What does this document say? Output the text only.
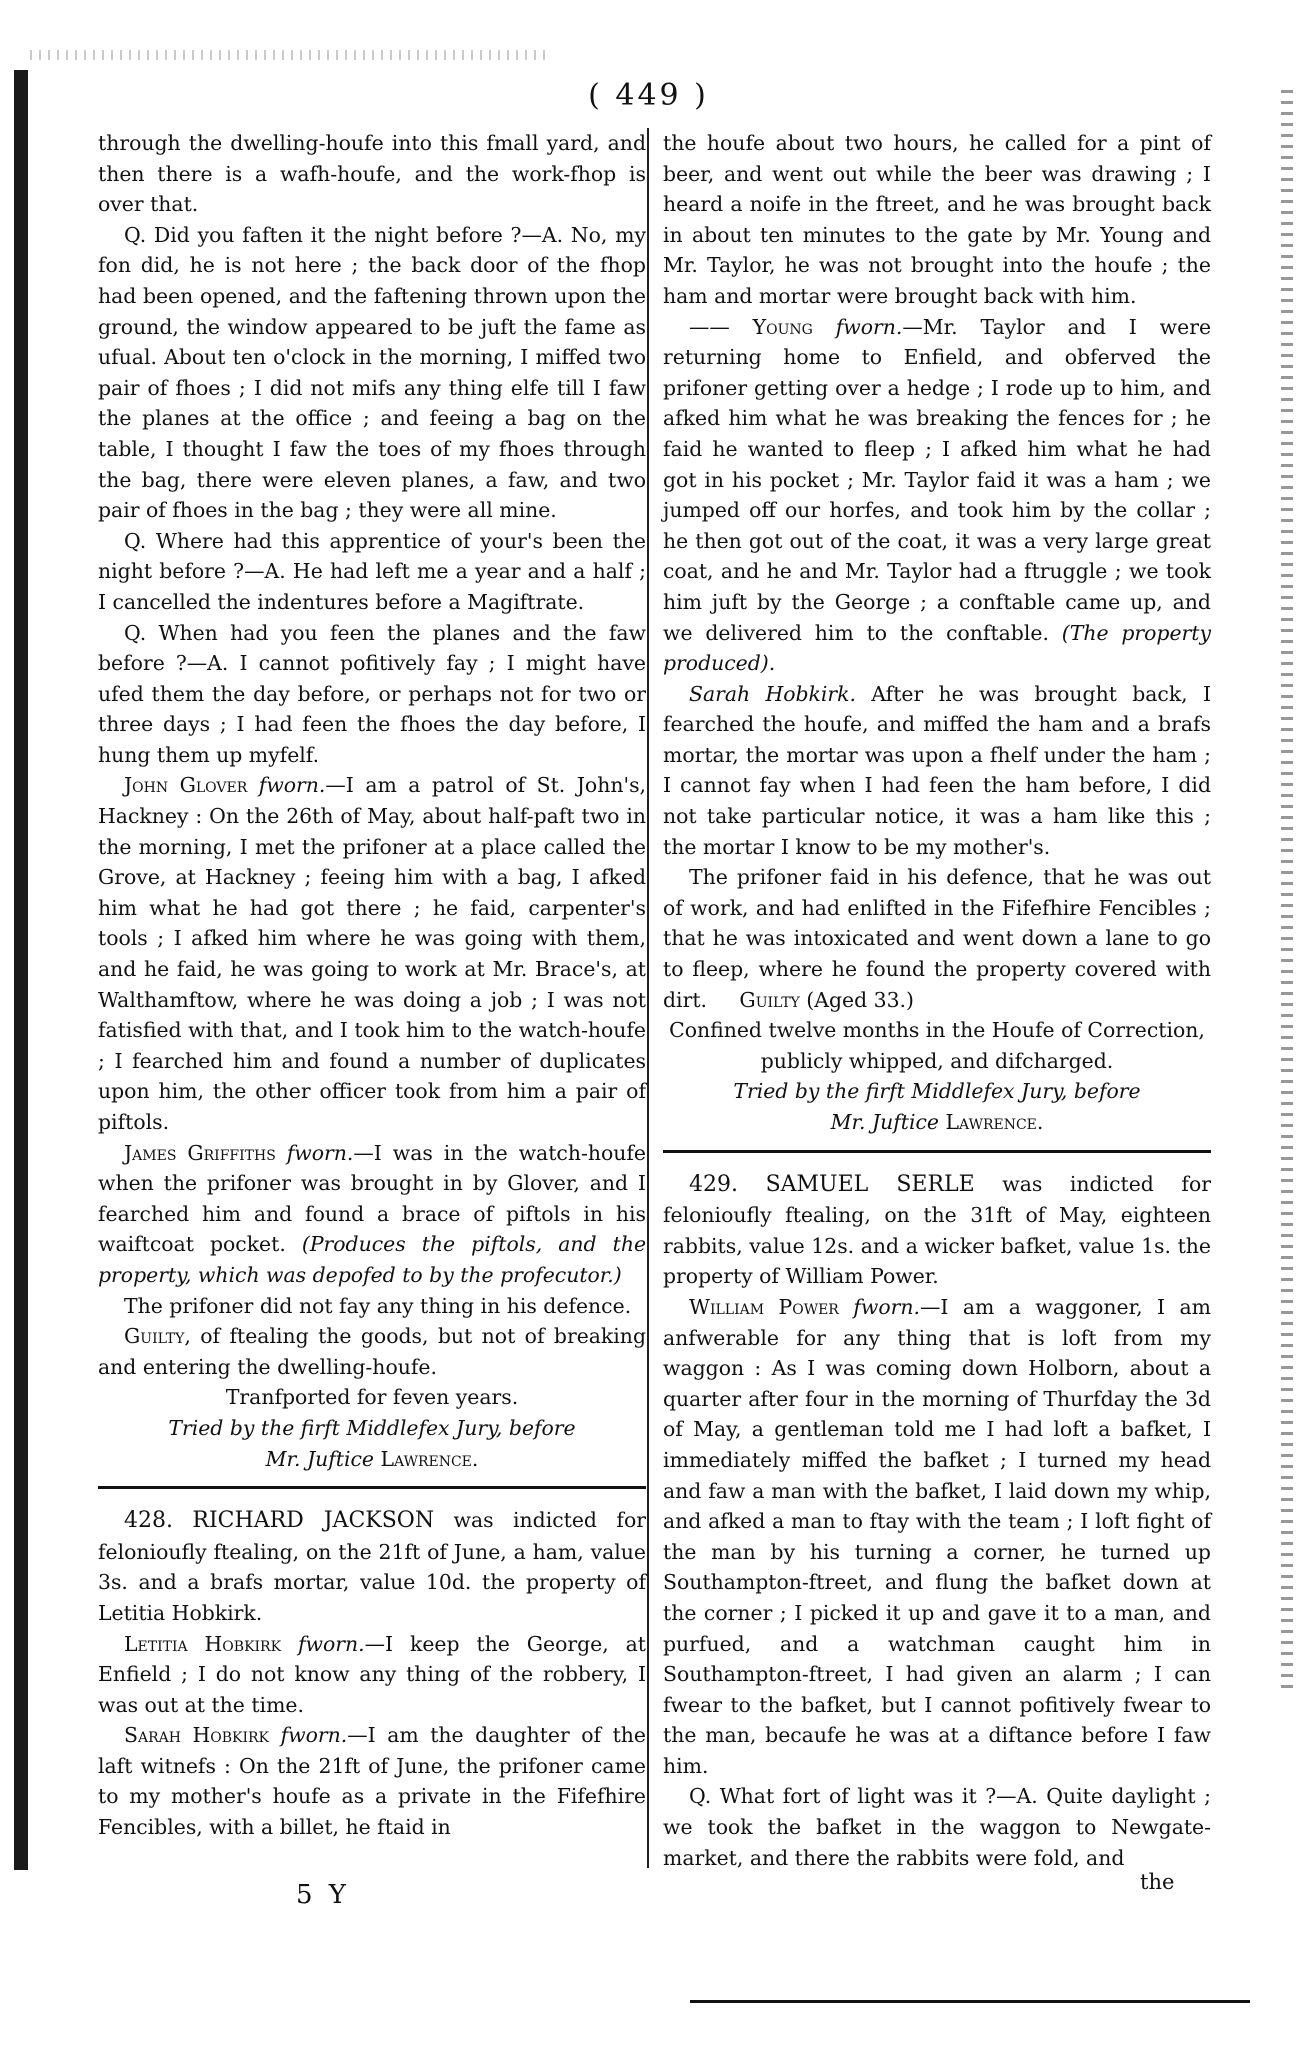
( 449 )

through the dwelling-houfe into this fmall yard, and then there is a wafh-houfe, and the work-fhop is over that.

Q. Did you faften it the night before ?—A. No, my fon did, he is not here ; the back door of the fhop had been opened, and the faftening thrown upon the ground, the window appeared to be juft the fame as ufual. About ten o'clock in the morning, I miffed two pair of fhoes ; I did not mifs any thing elfe till I faw the planes at the office ; and feeing a bag on the table, I thought I faw the toes of my fhoes through the bag, there were eleven planes, a faw, and two pair of fhoes in the bag ; they were all mine.

Q. Where had this apprentice of your's been the night before ?—A. He had left me a year and a half ; I cancelled the indentures before a Magiftrate.

Q. When had you feen the planes and the faw before ?—A. I cannot pofitively fay ; I might have ufed them the day before, or perhaps not for two or three days ; I had feen the fhoes the day before, I hung them up myfelf.

John Glover fworn.—I am a patrol of St. John's, Hackney : On the 26th of May, about half-paft two in the morning, I met the prifoner at a place called the Grove, at Hackney ; feeing him with a bag, I afked him what he had got there ; he faid, carpenter's tools ; I afked him where he was going with them, and he faid, he was going to work at Mr. Brace's, at Walthamftow, where he was doing a job ; I was not fatisfied with that, and I took him to the watch-houfe ; I fearched him and found a number of duplicates upon him, the other officer took from him a pair of piftols.

James Griffiths fworn.—I was in the watch-houfe when the prifoner was brought in by Glover, and I fearched him and found a brace of piftols in his waiftcoat pocket. (Produces the piftols, and the property, which was depofed to by the profecutor.)

The prifoner did not fay any thing in his defence.

Guilty, of ftealing the goods, but not of breaking and entering the dwelling-houfe.

Tranfported for feven years.

Tried by the firft Middlefex Jury, before

Mr. Juftice Lawrence.

428. RICHARD JACKSON was indicted for felonioufly ftealing, on the 21ft of June, a ham, value 3s. and a brafs mortar, value 10d. the property of Letitia Hobkirk.

Letitia Hobkirk fworn.—I keep the George, at Enfield ; I do not know any thing of the robbery, I was out at the time.

Sarah Hobkirk fworn.—I am the daughter of the laft witnefs : On the 21ft of June, the prifoner came to my mother's houfe as a private in the Fifefhire Fencibles, with a billet, he ftaid in

the houfe about two hours, he called for a pint of beer, and went out while the beer was drawing ; I heard a noife in the ftreet, and he was brought back in about ten minutes to the gate by Mr. Young and Mr. Taylor, he was not brought into the houfe ; the ham and mortar were brought back with him.

—— Young fworn.—Mr. Taylor and I were returning home to Enfield, and obferved the prifoner getting over a hedge ; I rode up to him, and afked him what he was breaking the fences for ; he faid he wanted to fleep ; I afked him what he had got in his pocket ; Mr. Taylor faid it was a ham ; we jumped off our horfes, and took him by the collar ; he then got out of the coat, it was a very large great coat, and he and Mr. Taylor had a ftruggle ; we took him juft by the George ; a conftable came up, and we delivered him to the conftable. (The property produced).

Sarah Hobkirk. After he was brought back, I fearched the houfe, and miffed the ham and a brafs mortar, the mortar was upon a fhelf under the ham ; I cannot fay when I had feen the ham before, I did not take particular notice, it was a ham like this ; the mortar I know to be my mother's.

The prifoner faid in his defence, that he was out of work, and had enlifted in the Fifefhire Fencibles ; that he was intoxicated and went down a lane to go to fleep, where he found the property covered with dirt. Guilty (Aged 33.)

Confined twelve months in the Houfe of Correction, publicly whipped, and difcharged.

Tried by the firft Middlefex Jury, before

Mr. Juftice Lawrence.

429. SAMUEL SERLE was indicted for felonioufly ftealing, on the 31ft of May, eighteen rabbits, value 12s. and a wicker bafket, value 1s. the property of William Power.

William Power fworn.—I am a waggoner, I am anfwerable for any thing that is loft from my waggon : As I was coming down Holborn, about a quarter after four in the morning of Thurfday the 3d of May, a gentleman told me I had loft a bafket, I immediately miffed the bafket ; I turned my head and faw a man with the bafket, I laid down my whip, and afked a man to ftay with the team ; I loft fight of the man by his turning a corner, he turned up Southampton-ftreet, and flung the bafket down at the corner ; I picked it up and gave it to a man, and purfued, and a watchman caught him in Southampton-ftreet, I had given an alarm ; I can fwear to the bafket, but I cannot pofitively fwear to the man, becaufe he was at a diftance before I faw him.

Q. What fort of light was it ?—A. Quite daylight ; we took the bafket in the waggon to Newgate-market, and there the rabbits were fold, and

the
5 Y
